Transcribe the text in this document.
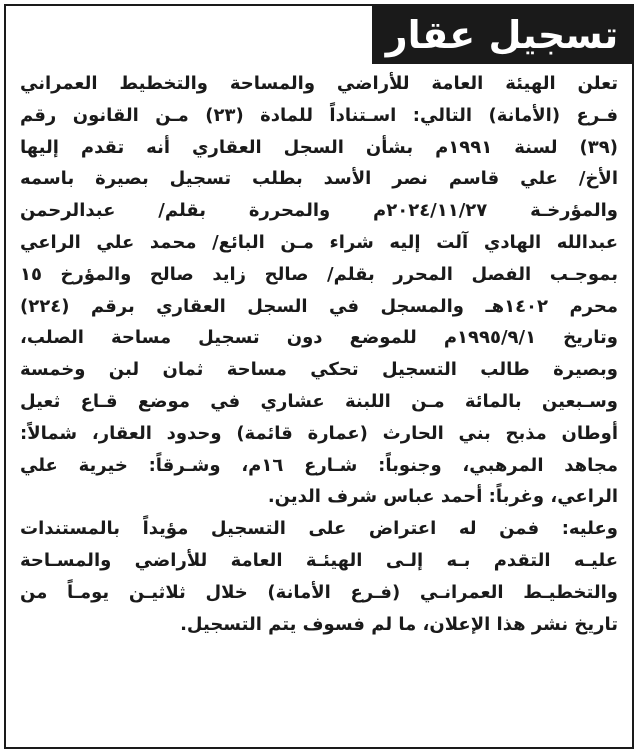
تسجيل عقار
تعلن الهيئة العامة للأراضي والمساحة والتخطيط العمراني
فـرع (الأمانة) التالي: اسـتناداً للمادة (٢٣) مـن القانون رقم
(٣٩) لسنة ١٩٩١م بشأن السجل العقاري أنه تقدم إليها
الأخ/ علي قاسم نصر الأسد بطلب تسجيل بصيرة باسمه
والمؤرخـة ٢٠٢٤/١١/٢٧م والمحررة بقلم/ عبدالرحمن
عبدالله الهادي آلت إليه شراء مـن البائع/ محمد علي الراعي
بموجـب الفصل المحرر بقلم/ صالح زايد صالح والمؤرخ ١٥
محرم ١٤٠٢هـ والمسجل في السجل العقاري برقم (٢٢٤)
وتاريخ ١٩٩٥/٩/١م للموضع دون تسجيل مساحة الصلب،
وبصيرة طالب التسجيل تحكي مساحة ثمان لبن وخمسة
وسـبعين بالمائة مـن اللبنة عشاري في موضع قـاع ثعيل
أوطان مذبح بني الحارث (عمارة قائمة) وحدود العقار، شمالاً:
مجاهد المرهبي، وجنوباً: شـارع ١٦م، وشـرقاً: خيرية علي
الراعي، وغرباً: أحمد عباس شرف الدين.
وعليه: فمن له اعتراض على التسجيل مؤيداً بالمستندات
عليـه التقدم بـه إلـى الهيئـة العامة للأراضي والمسـاحة
والتخطيـط العمرانـي (فـرع الأمانة) خلال ثلاثيـن يومـاً من
تاريخ نشر هذا الإعلان، ما لم فسوف يتم التسجيل.
